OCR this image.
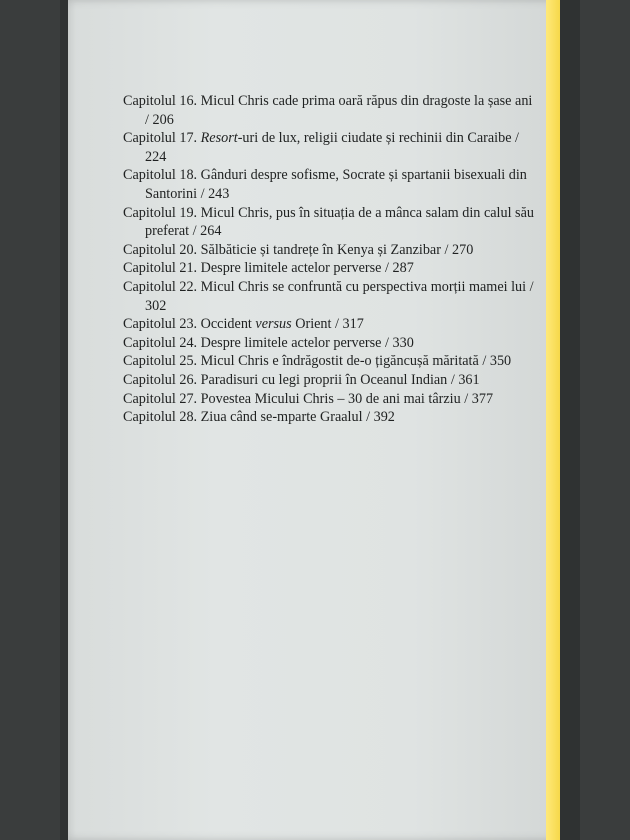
Capitolul 16. Micul Chris cade prima oară răpus din dragoste la șase ani / 206

Capitolul 17. Resort-uri de lux, religii ciudate și rechinii din Caraibe / 224

Capitolul 18. Gânduri despre sofisme, Socrate și spartanii bisexuali din Santorini / 243

Capitolul 19. Micul Chris, pus în situația de a mânca salam din calul său preferat / 264

Capitolul 20. Sălbăticie și tandrețe în Kenya și Zanzibar / 270

Capitolul 21. Despre limitele actelor perverse / 287

Capitolul 22. Micul Chris se confruntă cu perspectiva morții mamei lui / 302

Capitolul 23. Occident versus Orient / 317

Capitolul 24. Despre limitele actelor perverse / 330

Capitolul 25. Micul Chris e îndrăgostit de-o țigăncușă măritată / 350

Capitolul 26. Paradisuri cu legi proprii în Oceanul Indian / 361

Capitolul 27. Povestea Micului Chris – 30 de ani mai târziu / 377

Capitolul 28. Ziua când se-mparte Graalul / 392
